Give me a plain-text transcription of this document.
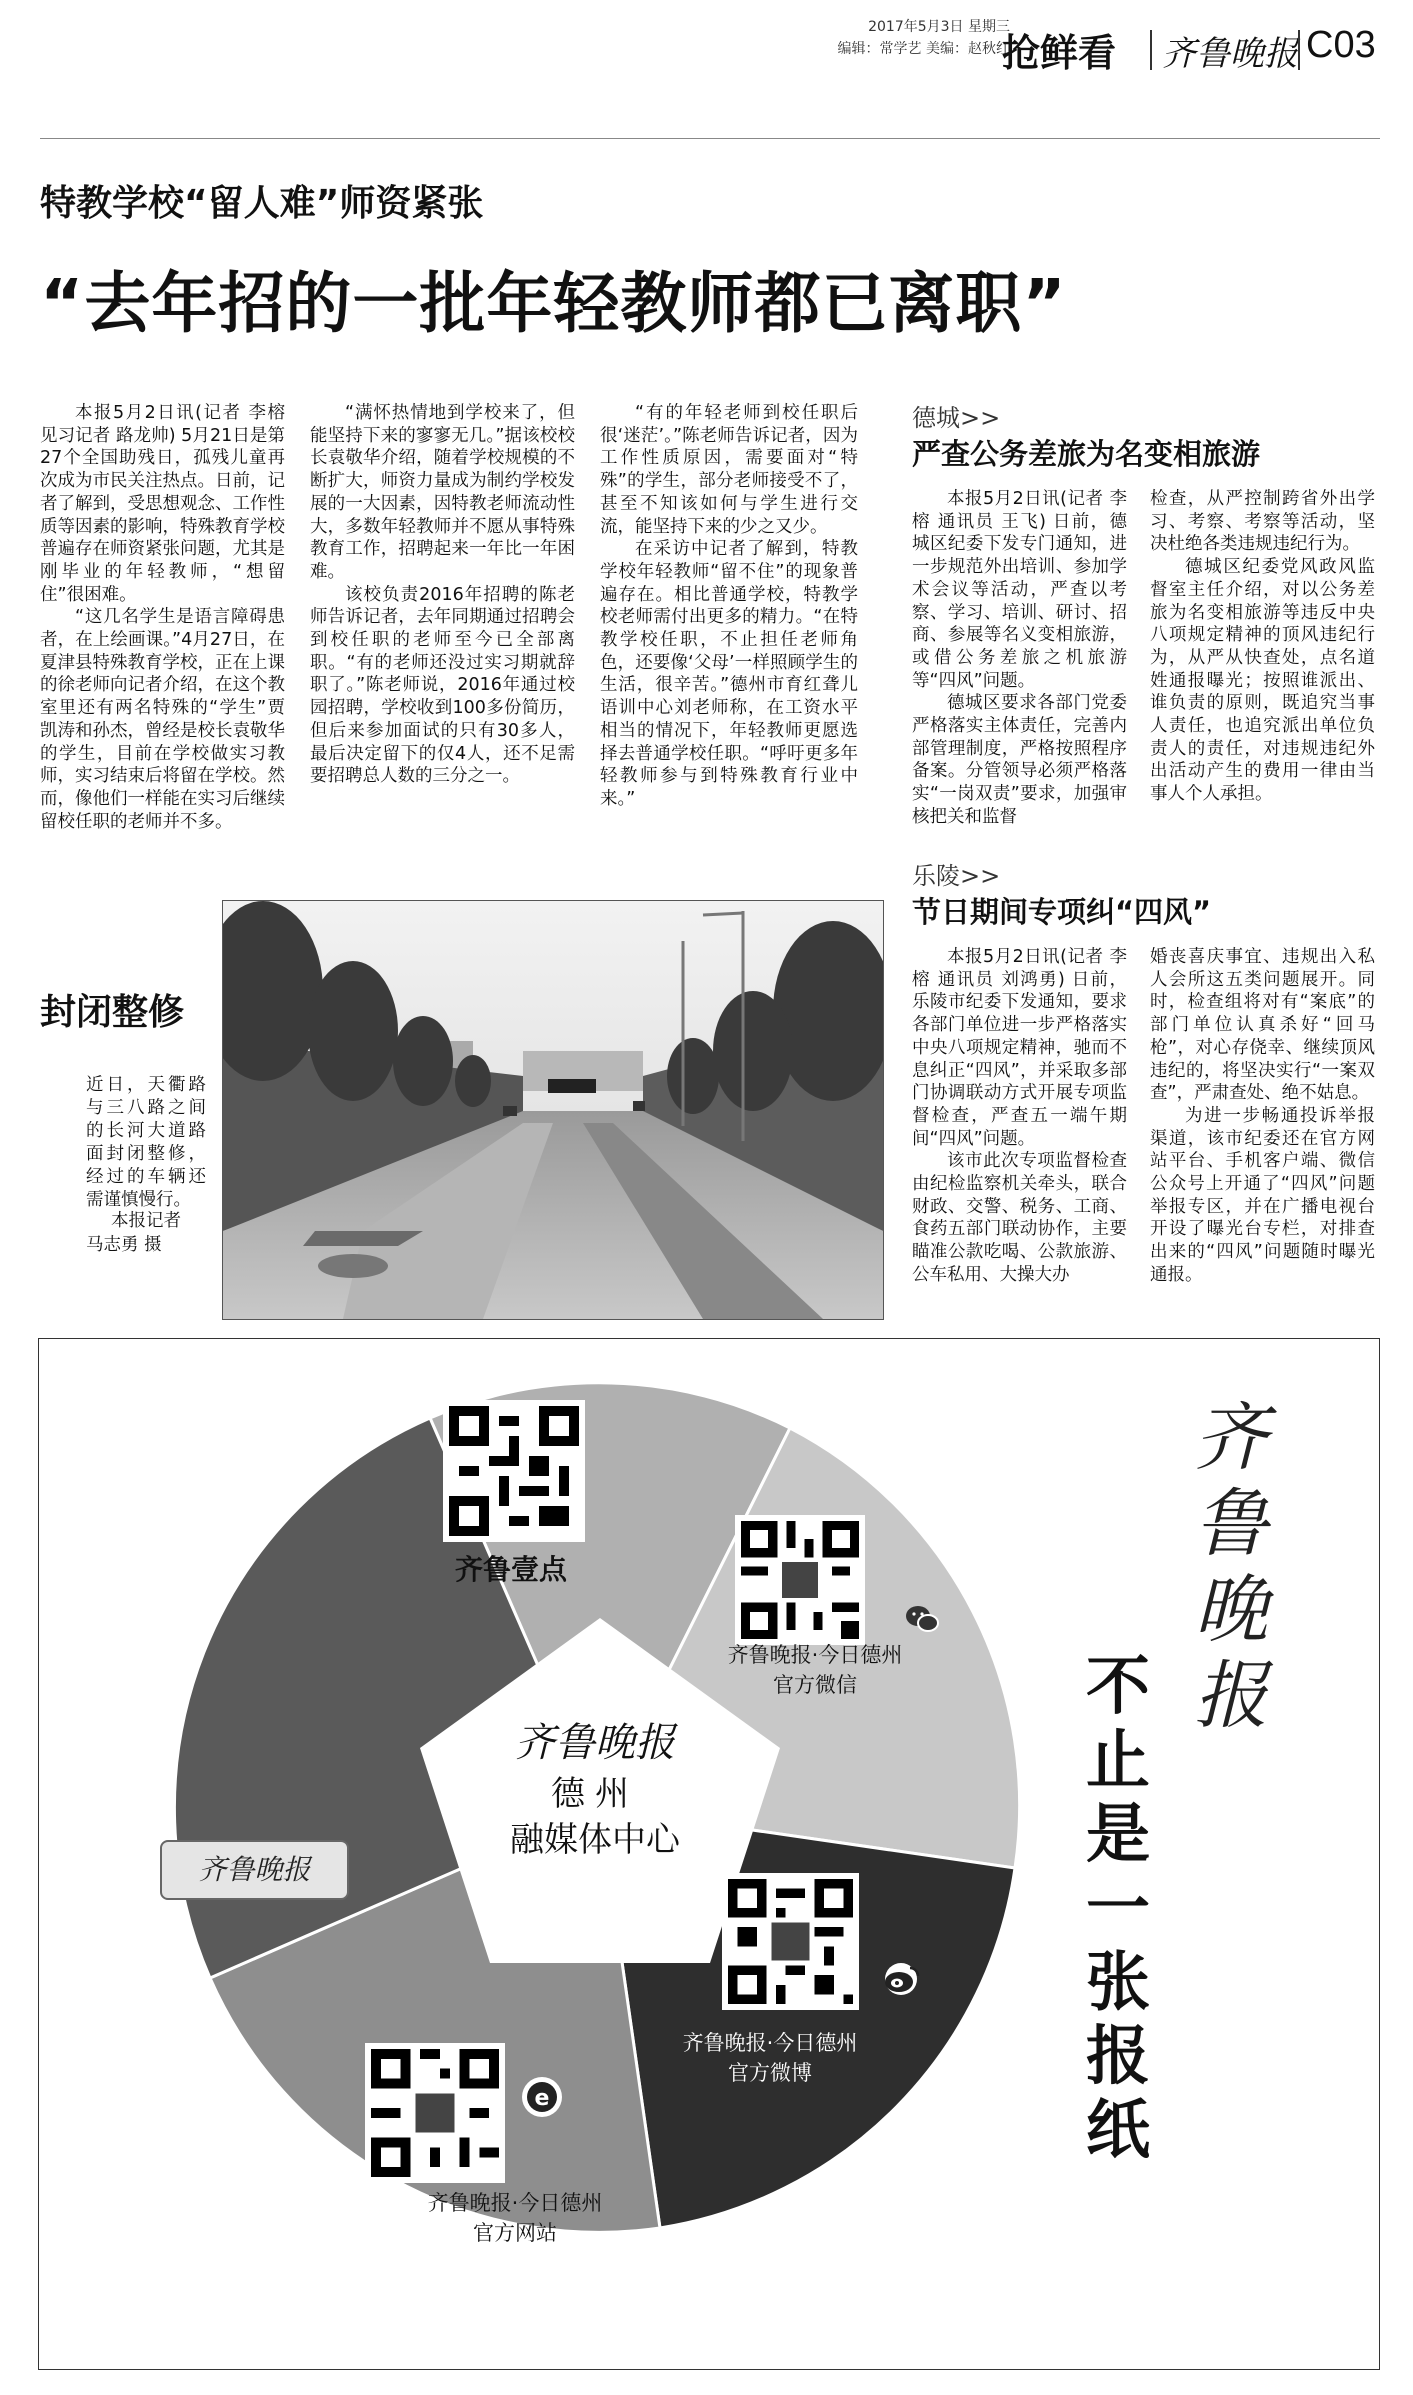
2017年5月3日 星期三
编辑：常学艺 美编：赵秋红
抢鲜看 齐鲁晚报 C03
特教学校“留人难”师资紧张
“去年招的一批年轻教师都已离职”

本报5月2日讯(记者 李榕 见习记者 路龙帅) 5月21日是第27个全国助残日，孤残儿童再次成为市民关注热点。日前，记者了解到，受思想观念、工作性质等因素的影响，特殊教育学校普遍存在师资紧张问题，尤其是刚毕业的年轻教师，“想留住”很困难。

“这几名学生是语言障碍患者，在上绘画课。”4月27日，在夏津县特殊教育学校，正在上课的徐老师向记者介绍，在这个教室里还有两名特殊的“学生”贾凯涛和孙杰，曾经是校长袁敬华的学生，目前在学校做实习教师，实习结束后将留在学校。然而，像他们一样能在实习后继续留校任职的老师并不多。

“满怀热情地到学校来了，但能坚持下来的寥寥无几。”据该校校长袁敬华介绍，随着学校规模的不断扩大，师资力量成为制约学校发展的一大因素，因特教老师流动性大，多数年轻教师并不愿从事特殊教育工作，招聘起来一年比一年困难。

该校负责2016年招聘的陈老师告诉记者，去年同期通过招聘会到校任职的老师至今已全部离职。“有的老师还没过实习期就辞职了。”陈老师说，2016年通过校园招聘，学校收到100多份简历，但后来参加面试的只有30多人，最后决定留下的仅4人，还不足需要招聘总人数的三分之一。

“有的年轻老师到校任职后很‘迷茫’。”陈老师告诉记者，因为工作性质原因，需要面对“特殊”的学生，部分老师接受不了，甚至不知该如何与学生进行交流，能坚持下来的少之又少。

在采访中记者了解到，特教学校年轻教师“留不住”的现象普遍存在。相比普通学校，特教学校老师需付出更多的精力。“在特教学校任职，不止担任老师角色，还要像‘父母’一样照顾学生的生活，很辛苦。”德州市育红聋儿语训中心刘老师称，在工资水平相当的情况下，年轻教师更愿选择去普通学校任职。“呼吁更多年轻教师参与到特殊教育行业中来。”

德城>>
严查公务差旅为名变相旅游

本报5月2日讯(记者 李榕 通讯员 王飞) 日前，德城区纪委下发专门通知，进一步规范外出培训、参加学术会议等活动，严查以考察、学习、培训、研讨、招商、参展等名义变相旅游，或借公务差旅之机旅游等“四风”问题。

德城区要求各部门党委严格落实主体责任，完善内部管理制度，严格按照程序备案。分管领导必须严格落实“一岗双责”要求，加强审核把关和监督

检查，从严控制跨省外出学习、考察、考察等活动，坚决杜绝各类违规违纪行为。

德城区纪委党风政风监督室主任介绍，对以公务差旅为名变相旅游等违反中央八项规定精神的顶风违纪行为，从严从快查处，点名道姓通报曝光；按照谁派出、谁负责的原则，既追究当事人责任，也追究派出单位负责人的责任，对违规违纪外出活动产生的费用一律由当事人个人承担。

乐陵>>
节日期间专项纠“四风”

本报5月2日讯(记者 李榕 通讯员 刘鸿勇) 日前，乐陵市纪委下发通知，要求各部门单位进一步严格落实中央八项规定精神，驰而不息纠正“四风”，并采取多部门协调联动方式开展专项监督检查，严查五一端午期间“四风”问题。

该市此次专项监督检查由纪检监察机关牵头，联合财政、交警、税务、工商、食药五部门联动协作，主要瞄准公款吃喝、公款旅游、公车私用、大操大办

婚丧喜庆事宜、违规出入私人会所这五类问题展开。同时，检查组将对有“案底”的部门单位认真杀好“回马枪”，对心存侥幸、继续顶风违纪的，将坚决实行“一案双查”，严肃查处、绝不姑息。

为进一步畅通投诉举报渠道，该市纪委还在官方网站平台、手机客户端、微信公众号上开通了“四风”问题举报专区，并在广播电视台开设了曝光台专栏，对排查出来的“四风”问题随时曝光通报。

封闭整修
近日，天衢路与三八路之间的长河大道路面封闭整修，经过的车辆还需谨慎慢行。
本报记者
马志勇 摄
齐鲁晚报
德州
融媒体中心
齐鲁壹点
齐鲁晚报·今日德州
官方微信
齐鲁晚报·今日德州
官方微博
e
齐鲁晚报·今日德州
官方网站
齐鲁晚报
齐鲁晚报
不止是一张报纸
